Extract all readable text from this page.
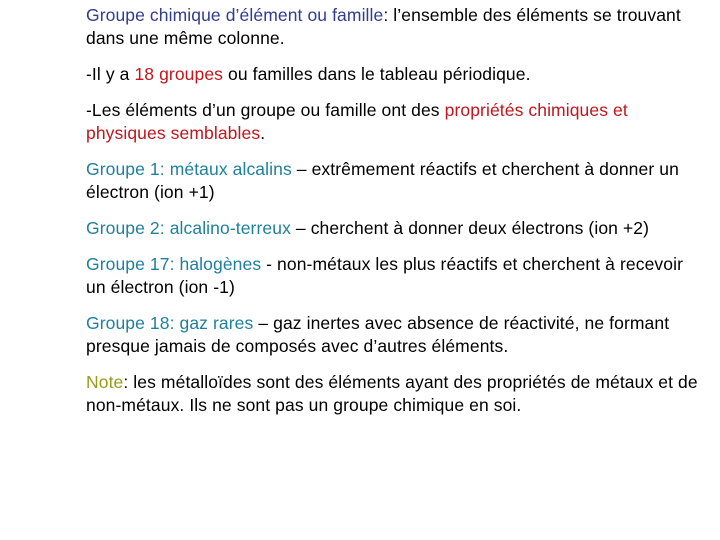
Groupe chimique d’élément ou famille: l’ensemble des éléments se trouvant dans une même colonne.

-Il y a 18 groupes ou familles dans le tableau périodique.

-Les éléments d’un groupe ou famille ont des propriétés chimiques et physiques semblables.

Groupe 1: métaux alcalins – extrêmement réactifs et cherchent à donner un électron (ion +1)

Groupe 2: alcalino-terreux – cherchent à donner deux électrons (ion +2)

Groupe 17: halogènes - non-métaux les plus réactifs et cherchent à recevoir un électron (ion -1)

Groupe 18: gaz rares – gaz inertes avec absence de réactivité, ne formant presque jamais de composés avec d’autres éléments.

Note: les métalloïdes sont des éléments ayant des propriétés de métaux et de non-métaux. Ils ne sont pas un groupe chimique en soi.
